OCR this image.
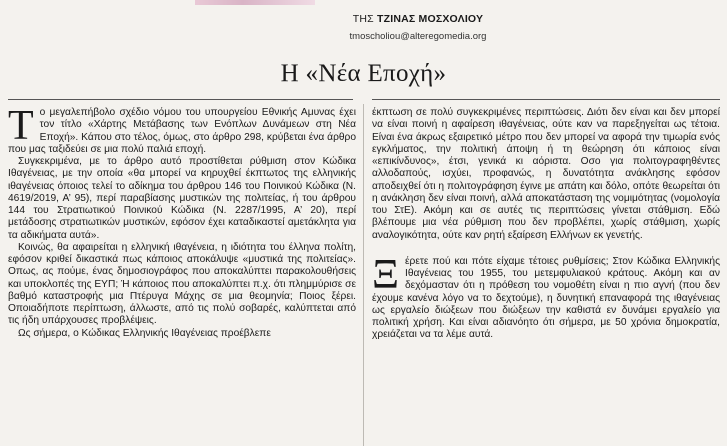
ΤΗΣ ΤΖΙΝΑΣ ΜΟΣΧΟΛΙΟΥ
tmoscholiou@alteregomedia.org
Η «Νέα Εποχή»

Το μεγαλεπήβολο σχέδιο νόμου του υπουργείου Εθνικής Αμυνας έχει τον τίτλο «Χάρτης Μετάβασης των Ενόπλων Δυνάμεων στη Νέα Εποχή». Κάπου στο τέλος, όμως, στο άρθρο 298, κρύβεται ένα άρθρο που μας ταξιδεύει σε μια πολύ παλιά εποχή.

Συγκεκριμένα, με το άρθρο αυτό προστίθεται ρύθμιση στον Κώδικα Ιθαγένειας, με την οποία «θα μπορεί να κηρυχθεί έκπτωτος της ελληνικής ιθαγένειας όποιος τελεί το αδίκημα του άρθρου 146 του Ποινικού Κώδικα (Ν. 4619/2019, Α’ 95), περί παραβίασης μυστικών της πολιτείας, ή του άρθρου 144 του Στρατιωτικού Ποινικού Κώδικα (Ν. 2287/1995, Α’ 20), περί μετάδοσης στρατιωτικών μυστικών, εφόσον έχει καταδικαστεί αμετάκλητα για τα αδικήματα αυτά».

Κοινώς, θα αφαιρείται η ελληνική ιθαγένεια, η ιδιότητα του έλληνα πολίτη, εφόσον κριθεί δικαστικά πως κάποιος αποκάλυψε «μυστικά της πολιτείας». Οπως, ας πούμε, ένας δημοσιογράφος που αποκαλύπτει παρακολουθήσεις και υποκλοπές της ΕΥΠ; Ή κάποιος που αποκαλύπτει π.χ. ότι πλημμύρισε σε βαθμό καταστροφής μια Πτέρυγα Μάχης σε μια θεομηνία; Ποιος ξέρει. Οποιαδήποτε περίπτωση, άλλωστε, από τις πολύ σοβαρές, καλύπτεται από τις ήδη υπάρχουσες προβλέψεις.

Ως σήμερα, ο Κώδικας Ελληνικής Ιθαγένειας προέβλεπε

έκπτωση σε πολύ συγκεκριμένες περιπτώσεις. Διότι δεν είναι και δεν μπορεί να είναι ποινή η αφαίρεση ιθαγένειας, ούτε καν να παρεξηγείται ως τέτοια. Είναι ένα άκρως εξαιρετικό μέτρο που δεν μπορεί να αφορά την τιμωρία ενός εγκλήματος, την πολιτική άποψη ή τη θεώρηση ότι κάποιος είναι «επικίνδυνος», έτσι, γενικά κι αόριστα. Οσο για πολιτογραφηθέντες αλλοδαπούς, ισχύει, προφανώς, η δυνατότητα ανάκλησης εφόσον αποδειχθεί ότι η πολιτογράφηση έγινε με απάτη και δόλο, οπότε θεωρείται ότι η ανάκληση δεν είναι ποινή, αλλά αποκατάσταση της νομιμότητας (νομολογία του ΣτΕ). Ακόμη και σε αυτές τις περιπτώσεις γίνεται στάθμιση. Εδώ βλέπουμε μια νέα ρύθμιση που δεν προβλέπει, χωρίς στάθμιση, χωρίς αναλογικότητα, ούτε καν ρητή εξαίρεση Ελλήνων εκ γενετής.

Ξέρετε πού και πότε είχαμε τέτοιες ρυθμίσεις; Στον Κώδικα Ελληνικής Ιθαγένειας του 1955, του μετεμφυλιακού κράτους. Ακόμη και αν δεχόμασταν ότι η πρόθεση του νομοθέτη είναι η πιο αγνή (που δεν έχουμε κανένα λόγο να το δεχτούμε), η δυνητική επαναφορά της ιθαγένειας ως εργαλείο διώξεων που διώξεων την καθιστά εν δυνάμει εργαλείο για πολιτική χρήση. Και είναι αδιανόητο ότι σήμερα, με 50 χρόνια δημοκρατία, χρειάζεται να τα λέμε αυτά.
